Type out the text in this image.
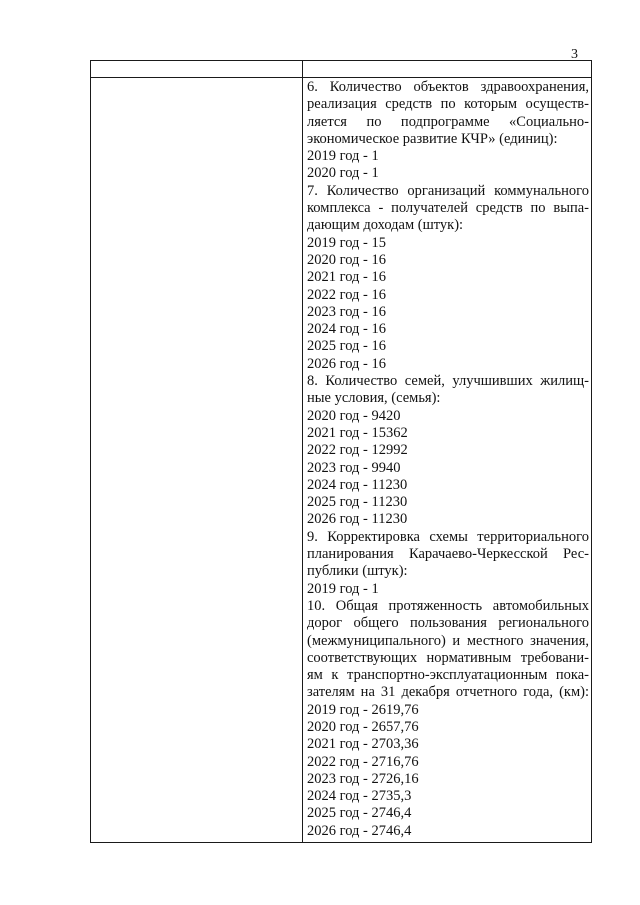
3
6. Количество объектов здравоохранения,
реализация средств по которым осуществ-
ляется по подпрограмме «Социально-
экономическое развитие КЧР» (единиц):
2019 год - 1
2020 год - 1
7. Количество организаций коммунального
комплекса - получателей средств по выпа-
дающим доходам (штук):
2019 год - 15
2020 год - 16
2021 год - 16
2022 год - 16
2023 год - 16
2024 год - 16
2025 год - 16
2026 год - 16
8. Количество семей, улучшивших жилищ-
ные условия, (семья):
2020 год - 9420
2021 год - 15362
2022 год - 12992
2023 год - 9940
2024 год - 11230
2025 год - 11230
2026 год - 11230
9. Корректировка схемы территориального
планирования Карачаево-Черкесской Рес-
публики (штук):
2019 год - 1
10. Общая протяженность автомобильных
дорог общего пользования регионального
(межмуниципального) и местного значения,
соответствующих нормативным требовани-
ям к транспортно-эксплуатационным пока-
зателям на 31 декабря отчетного года, (км):
2019 год - 2619,76
2020 год - 2657,76
2021 год - 2703,36
2022 год - 2716,76
2023 год - 2726,16
2024 год - 2735,3
2025 год - 2746,4
2026 год - 2746,4
